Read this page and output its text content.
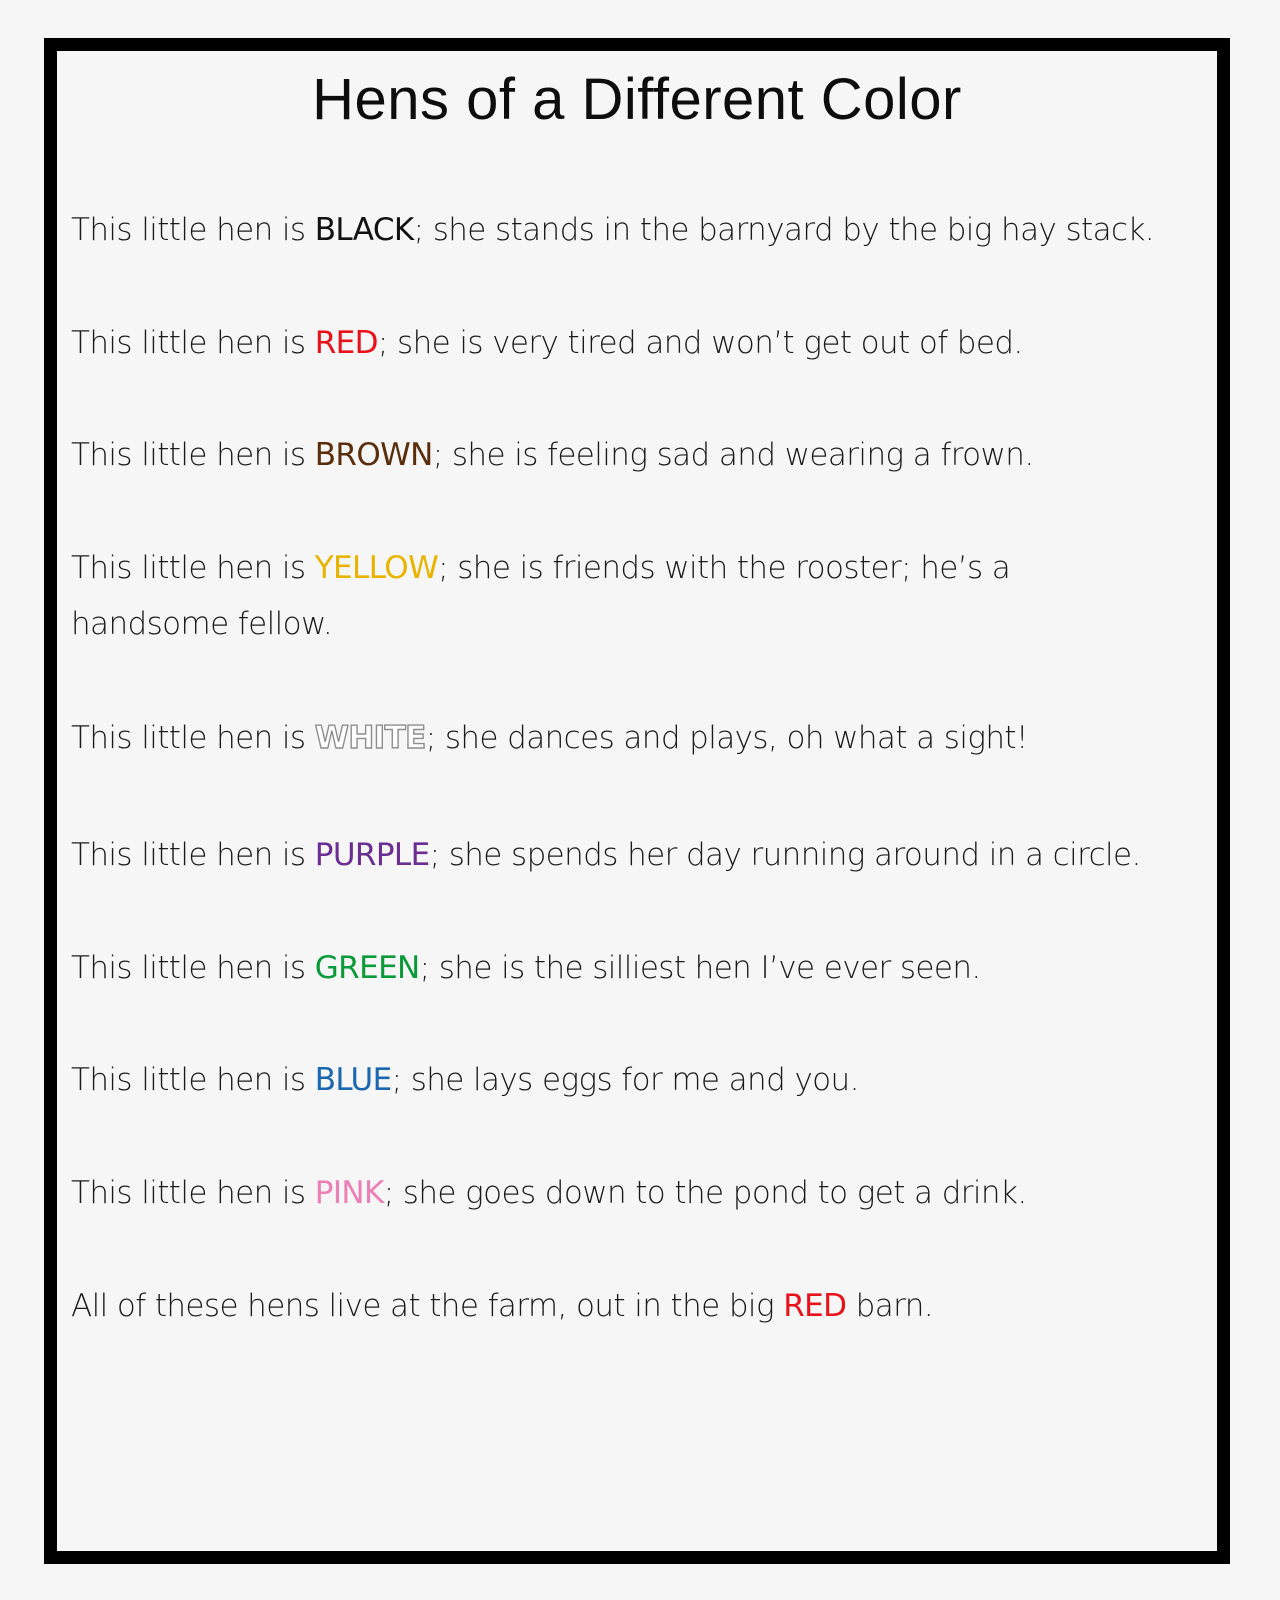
Hens of a Different Color

This little hen is BLACK; she stands in the barnyard by the big hay stack.

This little hen is RED; she is very tired and won’t get out of bed.

This little hen is BROWN; she is feeling sad and wearing a frown.

This little hen is YELLOW; she is friends with the rooster; he’s a handsome fellow.

This little hen is WHITE; she dances and plays, oh what a sight!

This little hen is PURPLE; she spends her day running around in a circle.

This little hen is GREEN; she is the silliest hen I’ve ever seen.

This little hen is BLUE; she lays eggs for me and you.

This little hen is PINK; she goes down to the pond to get a drink.

All of these hens live at the farm, out in the big RED barn.
